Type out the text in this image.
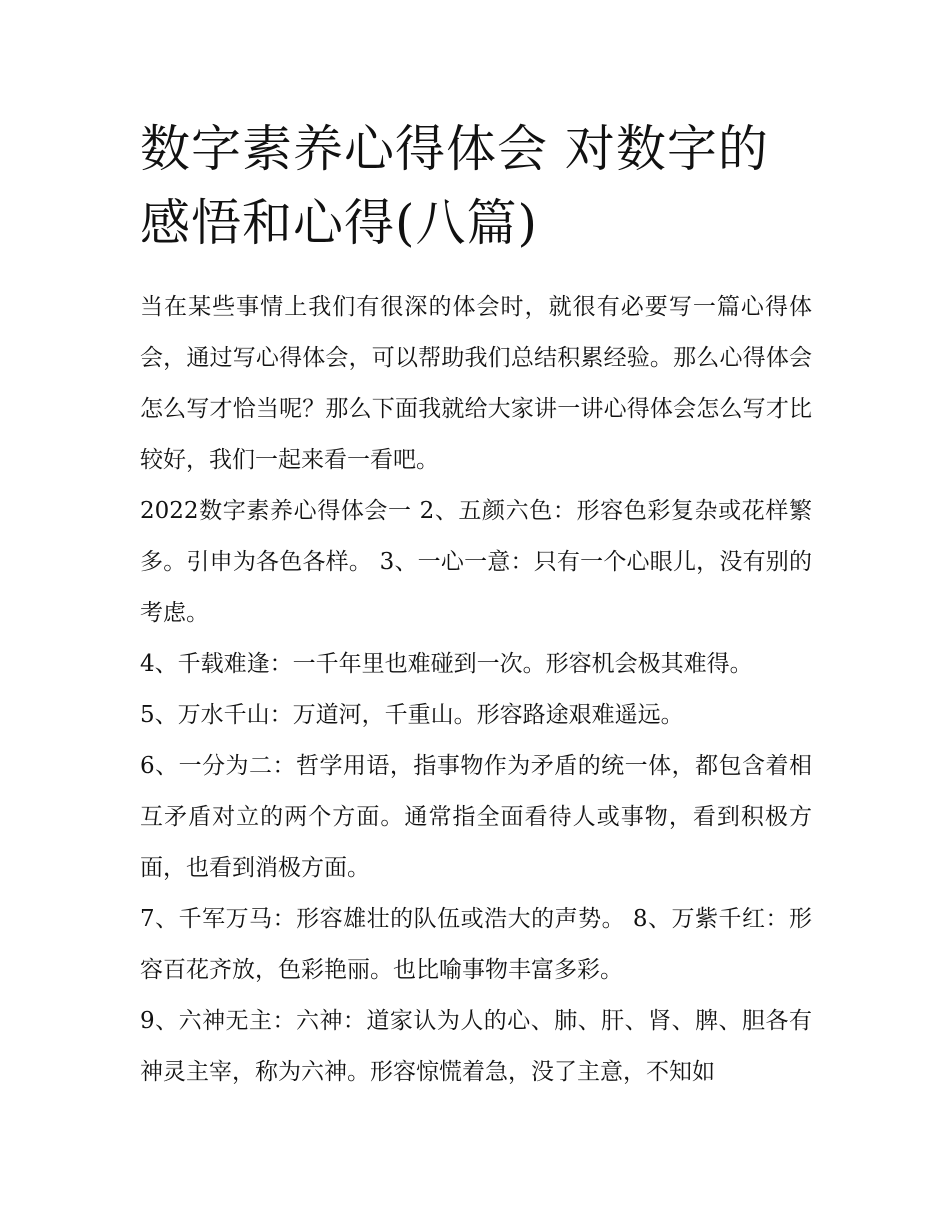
数字素养心得体会 对数字的感悟和心得(八篇)

当在某些事情上我们有很深的体会时，就很有必要写一篇心得体会，通过写心得体会，可以帮助我们总结积累经验。那么心得体会怎么写才恰当呢？那么下面我就给大家讲一讲心得体会怎么写才比较好，我们一起来看一看吧。

2022数字素养心得体会一 2、五颜六色：形容色彩复杂或花样繁多。引申为各色各样。 3、一心一意：只有一个心眼儿，没有别的考虑。

4、千载难逢：一千年里也难碰到一次。形容机会极其难得。

5、万水千山：万道河，千重山。形容路途艰难遥远。

6、一分为二：哲学用语，指事物作为矛盾的统一体，都包含着相互矛盾对立的两个方面。通常指全面看待人或事物，看到积极方面，也看到消极方面。

7、千军万马：形容雄壮的队伍或浩大的声势。 8、万紫千红：形容百花齐放，色彩艳丽。也比喻事物丰富多彩。

9、六神无主：六神：道家认为人的心、肺、肝、肾、脾、胆各有神灵主宰，称为六神。形容惊慌着急，没了主意，不知如
